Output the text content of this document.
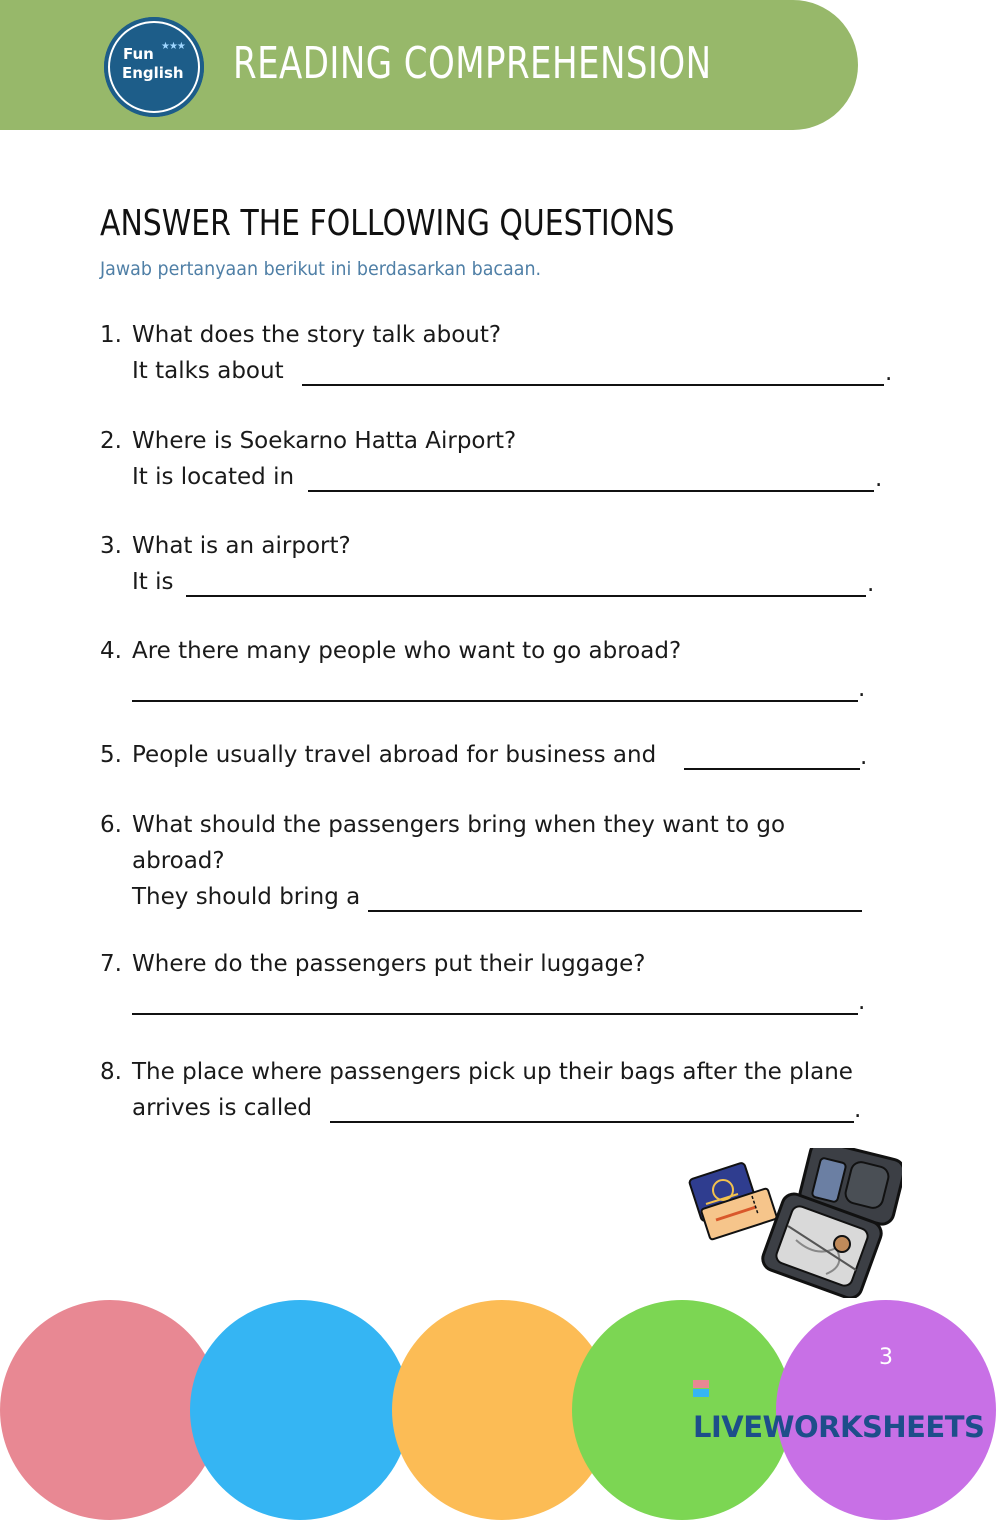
Fun ★★★
English READING COMPREHENSION
ANSWER THE FOLLOWING QUESTIONS
Jawab pertanyaan berikut ini berdasarkan bacaan.
1. What does the story talk about?
It talks about	.
2. Where is Soekarno Hatta Airport?
It is located in	.
3. What is an airport?
It is	.
4. Are there many people who want to go abroad?
.
5. People usually travel abroad for business and	.
6. What should the passengers bring when they want to go
abroad?
They should bring a
7. Where do the passengers put their luggage?
.
8. The place where passengers pick up their bags after the plane
arrives is called	.
3
LIVEWORKSHEETS
